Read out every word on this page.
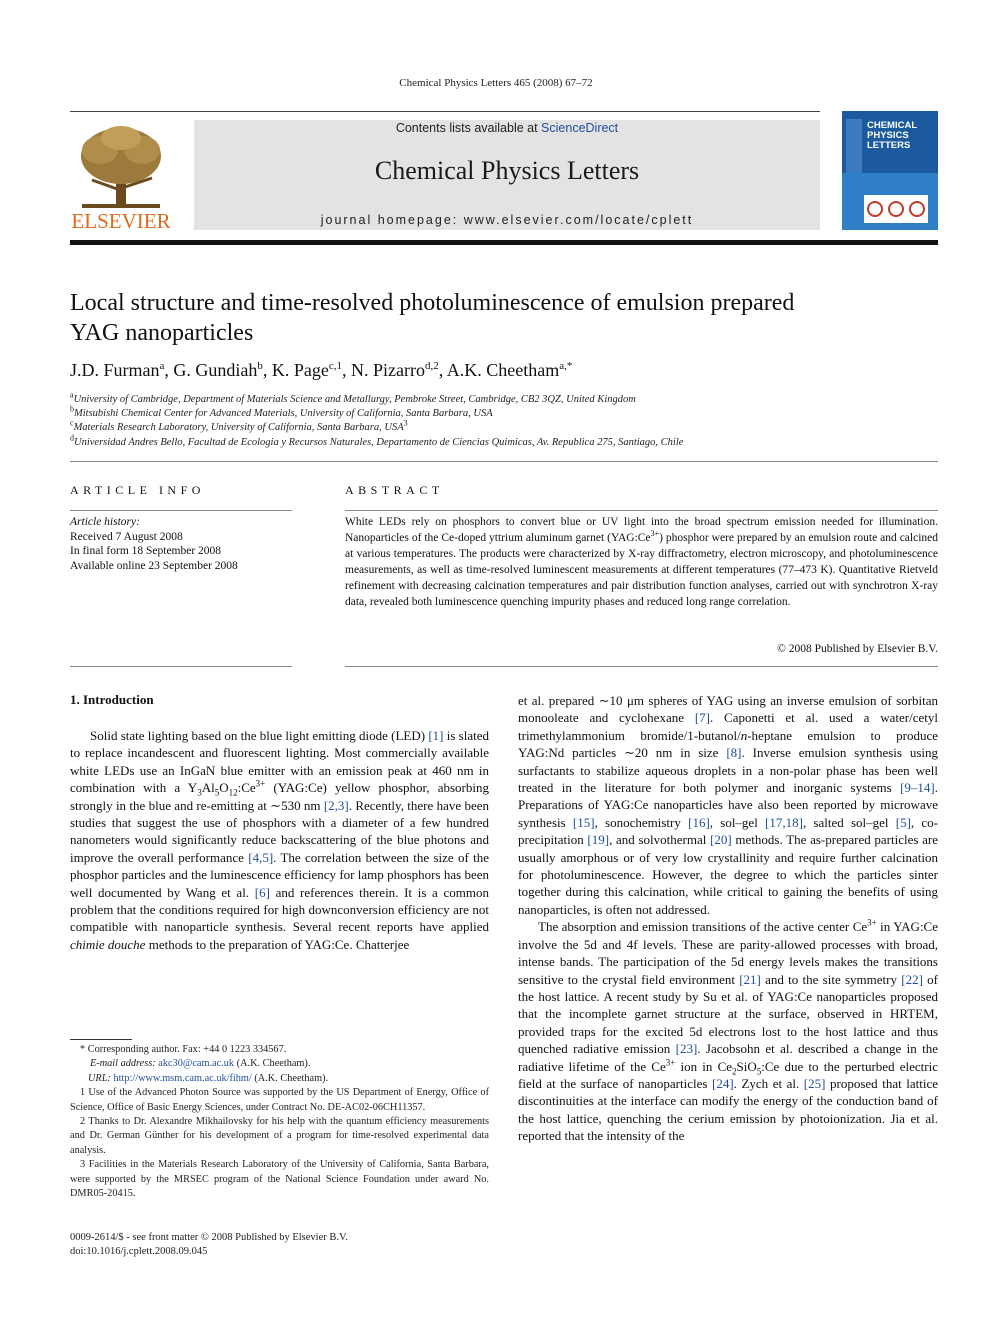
Chemical Physics Letters 465 (2008) 67–72
ELSEVIER
Contents lists available at ScienceDirect
Chemical Physics Letters
journal homepage: www.elsevier.com/locate/cplett
CHEMICAL
PHYSICS
LETTERS
Local structure and time-resolved photoluminescence of emulsion prepared
YAG nanoparticles
J.D. Furman$^a$, G. Gundiah$^b$, K. Page$^{c,1}$, N. Pizarro$^{d,2}$, A.K. Cheetham$^{a,*}$
$^a$University of Cambridge, Department of Materials Science and Metallurgy, Pembroke Street, Cambridge, CB2 3QZ, United Kingdom
$^b$Mitsubishi Chemical Center for Advanced Materials, University of California, Santa Barbara, USA
$^c$Materials Research Laboratory, University of California, Santa Barbara, USA$^3$
$^d$Universidad Andres Bello, Facultad de Ecologia y Recursos Naturales, Departamento de Ciencias Quimicas, Av. Republica 275, Santiago, Chile
ARTICLE INFO
Article history:
Received 7 August 2008
In final form 18 September 2008
Available online 23 September 2008
ABSTRACT
White LEDs rely on phosphors to convert blue or UV light into the broad spectrum emission needed for illumination. Nanoparticles of the Ce-doped yttrium aluminum garnet $(YAG:Ce^{3+})$ phosphor were prepared by an emulsion route and calcined at various temperatures. The products were characterized by X-ray diffractometry, electron microscopy, and photoluminescence measurements, as well as time-resolved luminescent measurements at different temperatures (77–473 K). Quantitative Rietveld refinement with decreasing calcination temperatures and pair distribution function analyses, carried out with synchrotron X-ray data, revealed both luminescence quenching impurity phases and reduced long range correlation.
© 2008 Published by Elsevier B.V.
1. Introduction

Solid state lighting based on the blue light emitting diode (LED) [1] is slated to replace incandescent and fluorescent lighting. Most commercially available white LEDs use an InGaN blue emitter with an emission peak at 460 nm in combination with a $Y_3Al_5O_{12}:Ce^{3+}$ (YAG:Ce) yellow phosphor, absorbing strongly in the blue and re-emitting at ∼530 nm [2,3]. Recently, there have been studies that suggest the use of phosphors with a diameter of a few hundred nanometers would significantly reduce backscattering of the blue photons and improve the overall performance [4,5]. The correlation between the size of the phosphor particles and the luminescence efficiency for lamp phosphors has been well documented by Wang et al. [6] and references therein. It is a common problem that the conditions required for high downconversion efficiency are not compatible with nanoparticle synthesis. Several recent reports have applied chimie douche methods to the preparation of YAG:Ce. Chatterjee

et al. prepared ∼10 μm spheres of YAG using an inverse emulsion of sorbitan monooleate and cyclohexane [7]. Caponetti et al. used a water/cetyl trimethylammonium bromide/1-butanol/n-heptane emulsion to produce YAG:Nd particles ∼20 nm in size [8]. Inverse emulsion synthesis using surfactants to stabilize aqueous droplets in a non-polar phase has been well treated in the literature for both polymer and inorganic systems [9–14]. Preparations of YAG:Ce nanoparticles have also been reported by microwave synthesis [15], sonochemistry [16], sol–gel [17,18], salted sol–gel [5], co-precipitation [19], and solvothermal [20] methods. The as-prepared particles are usually amorphous or of very low crystallinity and require further calcination for photoluminescence. However, the degree to which the particles sinter together during this calcination, while critical to gaining the benefits of using nanoparticles, is often not addressed.

The absorption and emission transitions of the active center $Ce^{3+}$ in YAG:Ce involve the 5d and 4f levels. These are parity-allowed processes with broad, intense bands. The participation of the 5d energy levels makes the transitions sensitive to the crystal field environment [21] and to the site symmetry [22] of the host lattice. A recent study by Su et al. of YAG:Ce nanoparticles proposed that the incomplete garnet structure at the surface, observed in HRTEM, provided traps for the excited 5d electrons lost to the host lattice and thus quenched radiative emission [23]. Jacobsohn et al. described a change in the radiative lifetime of the $Ce^{3+}$ ion in $Ce_2SiO_5:Ce$ due to the perturbed electric field at the surface of nanoparticles [24]. Zych et al. [25] proposed that lattice discontinuities at the interface can modify the energy of the conduction band of the host lattice, quenching the cerium emission by photoionization. Jia et al. reported that the intensity of the

* Corresponding author. Fax: +44 0 1223 334567.

E-mail address: akc30@cam.ac.uk (A.K. Cheetham).

URL: http://www.msm.cam.ac.uk/fihm/ (A.K. Cheetham).

1 Use of the Advanced Photon Source was supported by the US Department of Energy, Office of Science, Office of Basic Energy Sciences, under Contract No. DE-AC02-06CH11357.

2 Thanks to Dr. Alexandre Mikhailovsky for his help with the quantum efficiency measurements and Dr. German Günther for his development of a program for time-resolved experimental data analysis.

3 Facilities in the Materials Research Laboratory of the University of California, Santa Barbara, were supported by the MRSEC program of the National Science Foundation under award No. DMR05-20415.

0009-2614/$ - see front matter © 2008 Published by Elsevier B.V.
doi:10.1016/j.cplett.2008.09.045
